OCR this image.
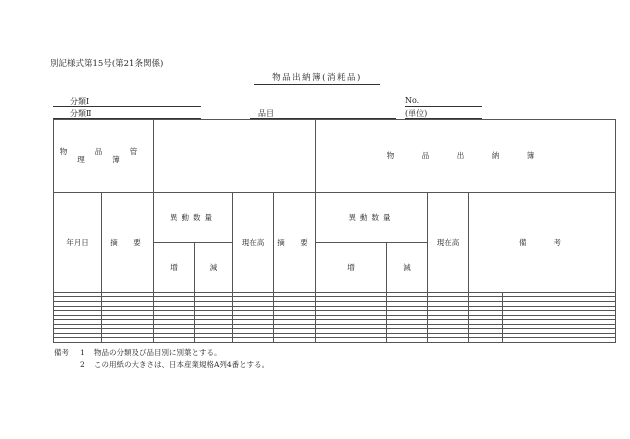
別記様式第15号(第21条関係)
物品出納簿(消耗品)
分類Ⅰ	No.
分類Ⅱ	品目	(単位)
物　品　管　理　簿						物　品　出　納　簿				
年月日	摘　要	異動数量		現在高	摘　要	異動数量		現在高	備　　考	
		増	減			増	減			

備考 1 物品の分類及び品目別に別葉とする。
2 この用紙の大きさは、日本産業規格A列4番とする。
